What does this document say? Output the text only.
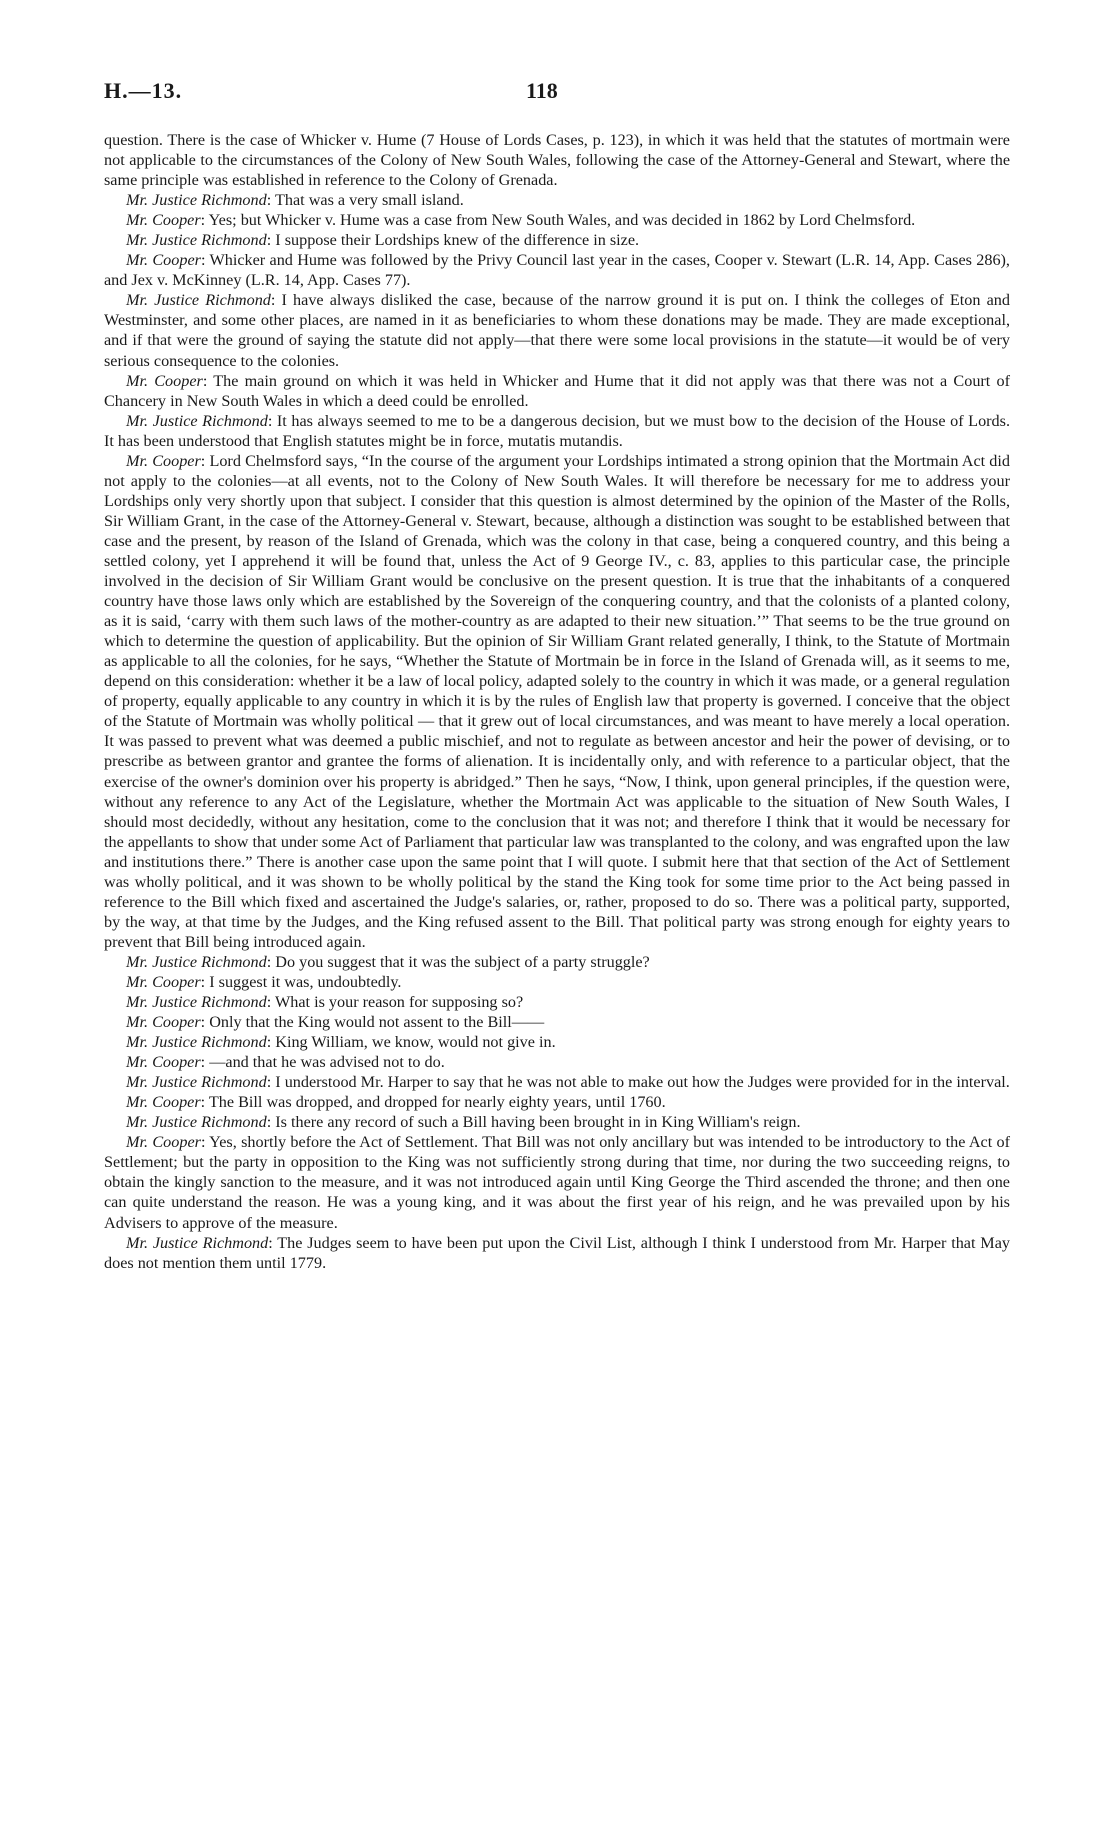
H.—13.	118

question. There is the case of Whicker v. Hume (7 House of Lords Cases, p. 123), in which it was held that the statutes of mortmain were not applicable to the circumstances of the Colony of New South Wales, following the case of the Attorney-General and Stewart, where the same principle was established in reference to the Colony of Grenada.

Mr. Justice Richmond: That was a very small island.

Mr. Cooper: Yes; but Whicker v. Hume was a case from New South Wales, and was decided in 1862 by Lord Chelmsford.

Mr. Justice Richmond: I suppose their Lordships knew of the difference in size.

Mr. Cooper: Whicker and Hume was followed by the Privy Council last year in the cases, Cooper v. Stewart (L.R. 14, App. Cases 286), and Jex v. McKinney (L.R. 14, App. Cases 77).

Mr. Justice Richmond: I have always disliked the case, because of the narrow ground it is put on. I think the colleges of Eton and Westminster, and some other places, are named in it as beneficiaries to whom these donations may be made. They are made exceptional, and if that were the ground of saying the statute did not apply—that there were some local provisions in the statute—it would be of very serious consequence to the colonies.

Mr. Cooper: The main ground on which it was held in Whicker and Hume that it did not apply was that there was not a Court of Chancery in New South Wales in which a deed could be enrolled.

Mr. Justice Richmond: It has always seemed to me to be a dangerous decision, but we must bow to the decision of the House of Lords. It has been understood that English statutes might be in force, mutatis mutandis.

Mr. Cooper: Lord Chelmsford says, “In the course of the argument your Lordships intimated a strong opinion that the Mortmain Act did not apply to the colonies—at all events, not to the Colony of New South Wales. It will therefore be necessary for me to address your Lordships only very shortly upon that subject. I consider that this question is almost determined by the opinion of the Master of the Rolls, Sir William Grant, in the case of the Attorney-General v. Stewart, because, although a distinction was sought to be established between that case and the present, by reason of the Island of Grenada, which was the colony in that case, being a conquered country, and this being a settled colony, yet I apprehend it will be found that, unless the Act of 9 George IV., c. 83, applies to this particular case, the principle involved in the decision of Sir William Grant would be conclusive on the present question. It is true that the inhabitants of a conquered country have those laws only which are established by the Sovereign of the conquering country, and that the colonists of a planted colony, as it is said, ‘carry with them such laws of the mother-country as are adapted to their new situation.’” That seems to be the true ground on which to determine the question of applicability. But the opinion of Sir William Grant related generally, I think, to the Statute of Mortmain as applicable to all the colonies, for he says, “Whether the Statute of Mortmain be in force in the Island of Grenada will, as it seems to me, depend on this consideration: whether it be a law of local policy, adapted solely to the country in which it was made, or a general regulation of property, equally applicable to any country in which it is by the rules of English law that property is governed. I conceive that the object of the Statute of Mortmain was wholly political — that it grew out of local circumstances, and was meant to have merely a local operation. It was passed to prevent what was deemed a public mischief, and not to regulate as between ancestor and heir the power of devising, or to prescribe as between grantor and grantee the forms of alienation. It is incidentally only, and with reference to a particular object, that the exercise of the owner's dominion over his property is abridged.” Then he says, “Now, I think, upon general principles, if the question were, without any reference to any Act of the Legislature, whether the Mortmain Act was applicable to the situation of New South Wales, I should most decidedly, without any hesitation, come to the conclusion that it was not; and therefore I think that it would be necessary for the appellants to show that under some Act of Parliament that particular law was transplanted to the colony, and was engrafted upon the law and institutions there.” There is another case upon the same point that I will quote. I submit here that that section of the Act of Settlement was wholly political, and it was shown to be wholly political by the stand the King took for some time prior to the Act being passed in reference to the Bill which fixed and ascertained the Judge's salaries, or, rather, proposed to do so. There was a political party, supported, by the way, at that time by the Judges, and the King refused assent to the Bill. That political party was strong enough for eighty years to prevent that Bill being introduced again.

Mr. Justice Richmond: Do you suggest that it was the subject of a party struggle?

Mr. Cooper: I suggest it was, undoubtedly.

Mr. Justice Richmond: What is your reason for supposing so?

Mr. Cooper: Only that the King would not assent to the Bill——

Mr. Justice Richmond: King William, we know, would not give in.

Mr. Cooper: —and that he was advised not to do.

Mr. Justice Richmond: I understood Mr. Harper to say that he was not able to make out how the Judges were provided for in the interval.

Mr. Cooper: The Bill was dropped, and dropped for nearly eighty years, until 1760.

Mr. Justice Richmond: Is there any record of such a Bill having been brought in in King William's reign.

Mr. Cooper: Yes, shortly before the Act of Settlement. That Bill was not only ancillary but was intended to be introductory to the Act of Settlement; but the party in opposition to the King was not sufficiently strong during that time, nor during the two succeeding reigns, to obtain the kingly sanction to the measure, and it was not introduced again until King George the Third ascended the throne; and then one can quite understand the reason. He was a young king, and it was about the first year of his reign, and he was prevailed upon by his Advisers to approve of the measure.

Mr. Justice Richmond: The Judges seem to have been put upon the Civil List, although I think I understood from Mr. Harper that May does not mention them until 1779.
